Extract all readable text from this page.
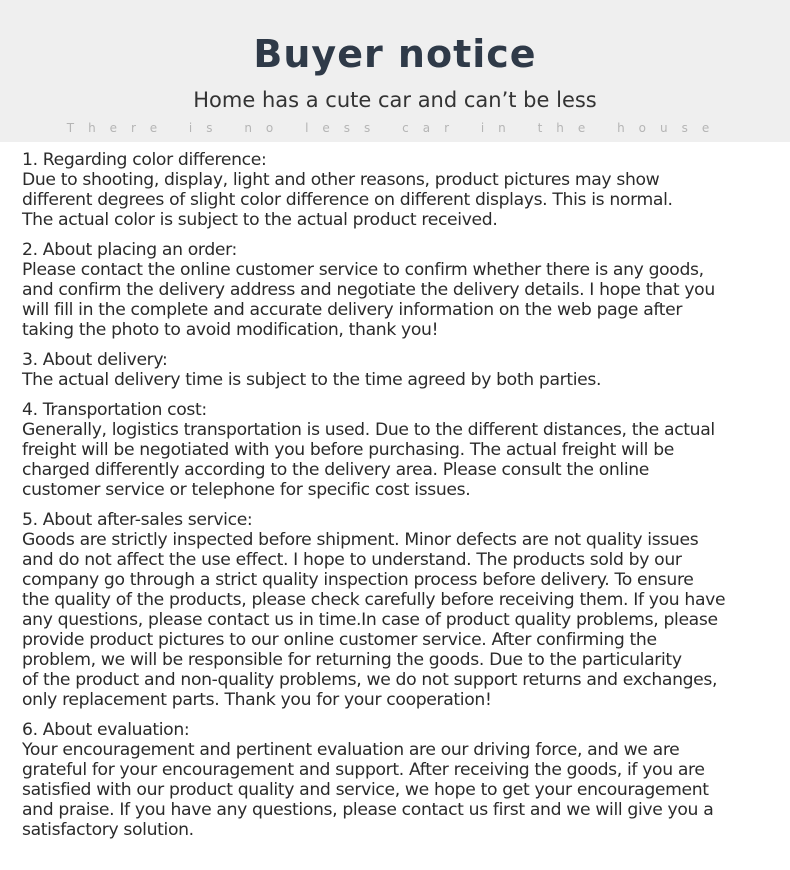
Buyer notice
Home has a cute car and can’t be less
There is no less car in the house

1. Regarding color difference:

Due to shooting, display, light and other reasons, product pictures may show

different degrees of slight color difference on different displays. This is normal.

The actual color is subject to the actual product received.

2. About placing an order:

Please contact the online customer service to confirm whether there is any goods,

and confirm the delivery address and negotiate the delivery details. I hope that you

will fill in the complete and accurate delivery information on the web page after

taking the photo to avoid modification, thank you!

3. About delivery:

The actual delivery time is subject to the time agreed by both parties.

4. Transportation cost:

Generally, logistics transportation is used. Due to the different distances, the actual

freight will be negotiated with you before purchasing. The actual freight will be

charged differently according to the delivery area. Please consult the online

customer service or telephone for specific cost issues.

5. About after-sales service:

Goods are strictly inspected before shipment. Minor defects are not quality issues

and do not affect the use effect. I hope to understand. The products sold by our

company go through a strict quality inspection process before delivery. To ensure

the quality of the products, please check carefully before receiving them. If you have

any questions, please contact us in time.In case of product quality problems, please

provide product pictures to our online customer service. After confirming the

problem, we will be responsible for returning the goods. Due to the particularity

of the product and non-quality problems, we do not support returns and exchanges,

only replacement parts. Thank you for your cooperation!

6. About evaluation:

Your encouragement and pertinent evaluation are our driving force, and we are

grateful for your encouragement and support. After receiving the goods, if you are

satisfied with our product quality and service, we hope to get your encouragement

and praise. If you have any questions, please contact us first and we will give you a

satisfactory solution.
